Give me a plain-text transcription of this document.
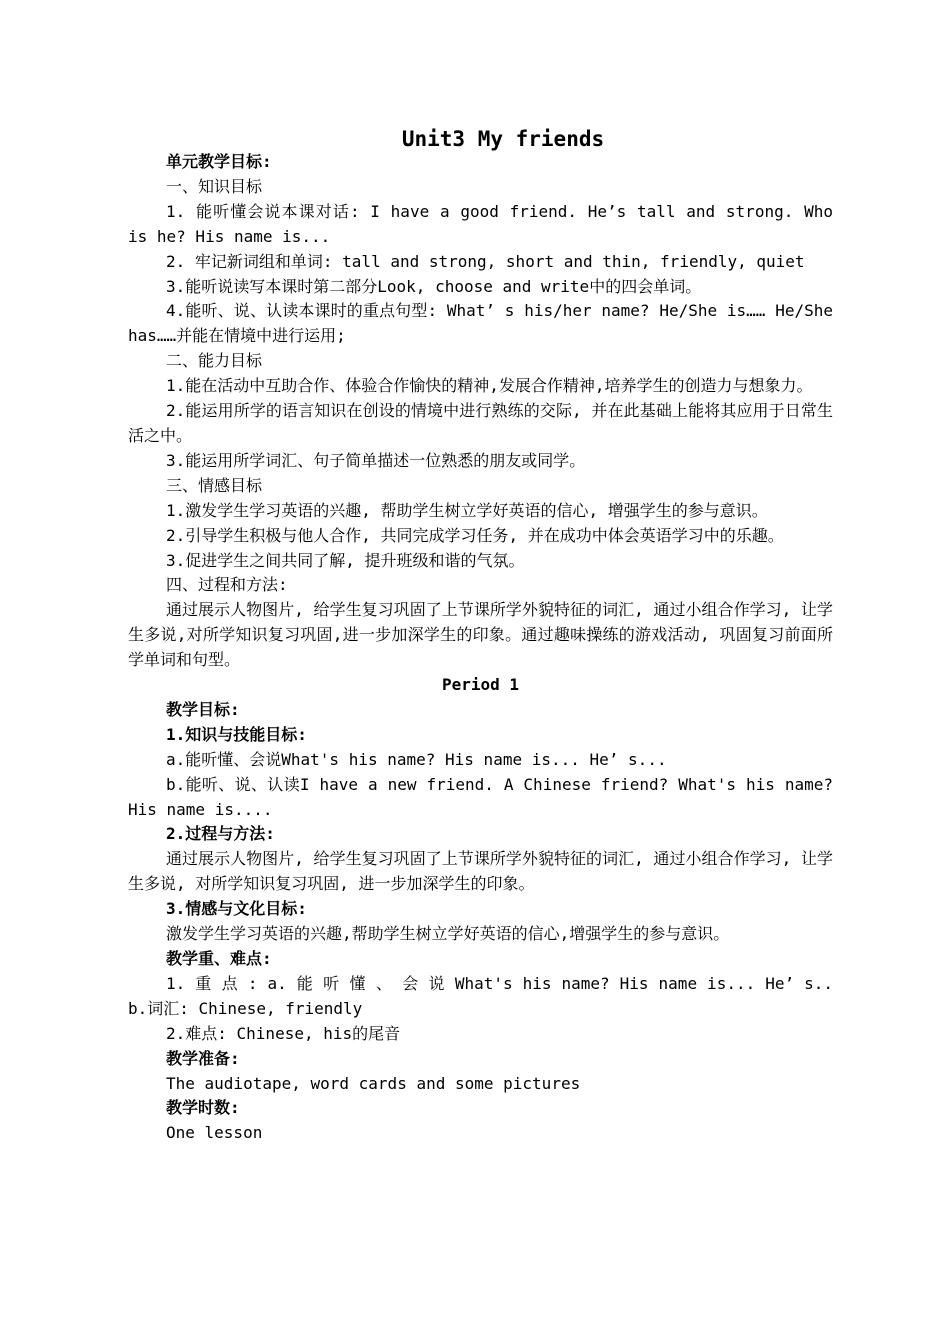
Unit3 My friends

单元教学目标:

一、知识目标

1. 能听懂会说本课对话: I have a good friend. He’s tall and strong. Who is he? His name is...

2. 牢记新词组和单词: tall and strong, short and thin, friendly, quiet

3.能听说读写本课时第二部分Look, choose and write中的四会单词。

4.能听、说、认读本课时的重点句型: What’ s his/her name? He/She is…… He/She has……并能在情境中进行运用;

二、能力目标

1.能在活动中互助合作、体验合作愉快的精神,发展合作精神,培养学生的创造力与想象力。

2.能运用所学的语言知识在创设的情境中进行熟练的交际, 并在此基础上能将其应用于日常生活之中。

3.能运用所学词汇、句子简单描述一位熟悉的朋友或同学。

三、情感目标

1.激发学生学习英语的兴趣, 帮助学生树立学好英语的信心, 增强学生的参与意识。

2.引导学生积极与他人合作, 共同完成学习任务, 并在成功中体会英语学习中的乐趣。

3.促进学生之间共同了解, 提升班级和谐的气氛。

四、过程和方法:

通过展示人物图片, 给学生复习巩固了上节课所学外貌特征的词汇, 通过小组合作学习, 让学生多说,对所学知识复习巩固,进一步加深学生的印象。通过趣味操练的游戏活动, 巩固复习前面所学单词和句型。

Period 1

教学目标:

1.知识与技能目标:

a.能听懂、会说What's his name? His name is... He’ s...

b.能听、说、认读I have a new friend. A Chinese friend? What's his name? His name is....

2.过程与方法:

通过展示人物图片, 给学生复习巩固了上节课所学外貌特征的词汇, 通过小组合作学习, 让学生多说, 对所学知识复习巩固, 进一步加深学生的印象。

3.情感与文化目标:

激发学生学习英语的兴趣,帮助学生树立学好英语的信心,增强学生的参与意识。

教学重、难点:

1. 重 点 : a. 能 听 懂 、 会 说 What's his name? His name is... He’ s.. b.词汇: Chinese, friendly

2.难点: Chinese, his的尾音

教学准备:

The audiotape, word cards and some pictures

教学时数:

One lesson
